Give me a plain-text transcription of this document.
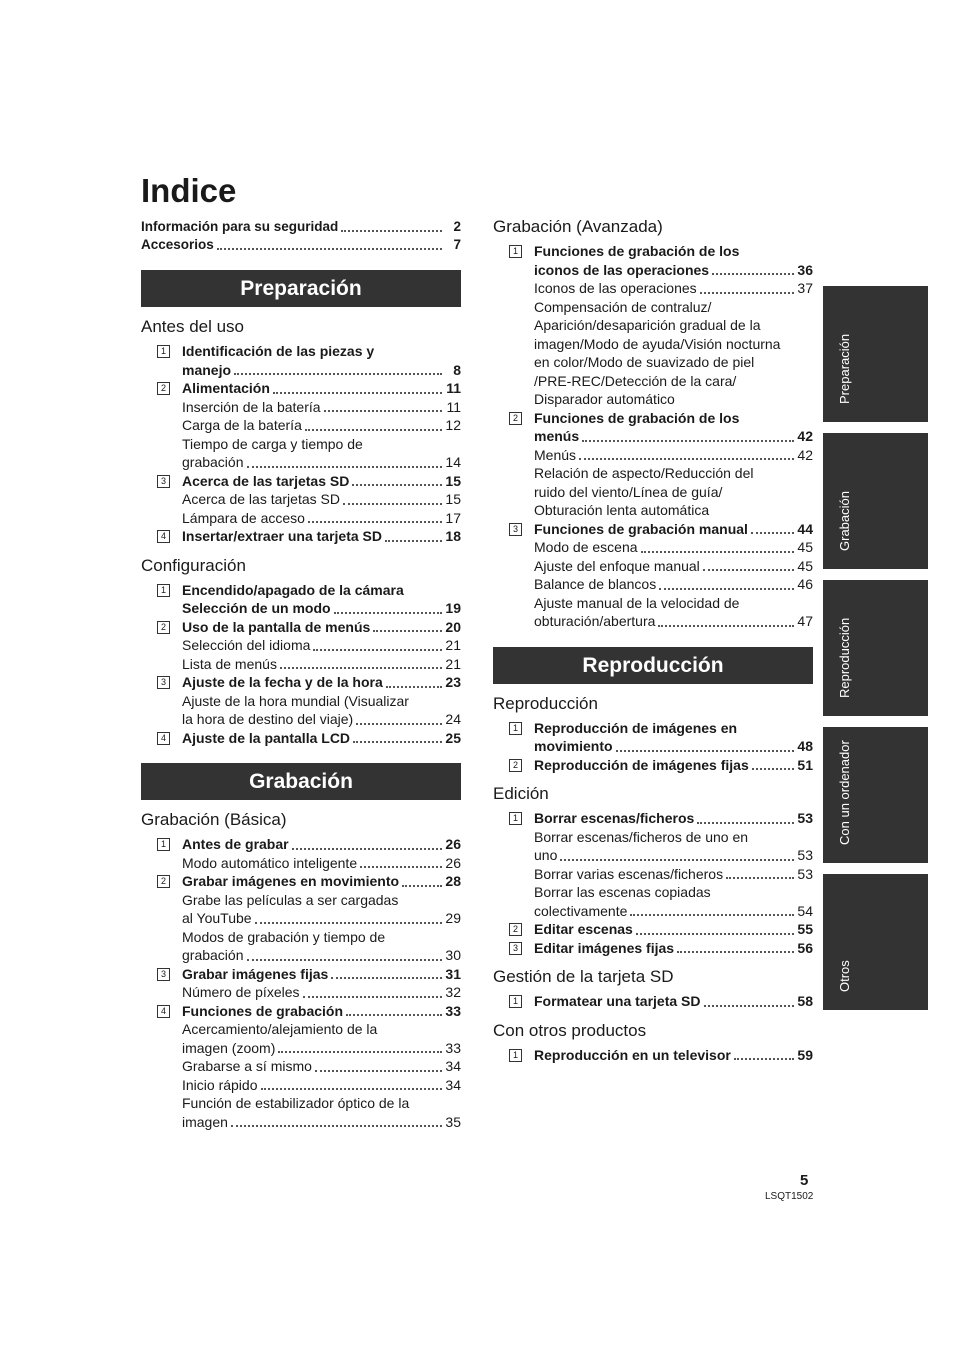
Indice
Información para su seguridad	2
Accesorios	7
Preparación
Antes del uso
1 Identificación de las piezas y
manejo	8
2 Alimentación	11
Inserción de la batería	11
Carga de la batería	12
Tiempo de carga y tiempo de
grabación	14
3 Acerca de las tarjetas SD	15
Acerca de las tarjetas SD	15
Lámpara de acceso	17
4 Insertar/extraer una tarjeta SD	18
Configuración
1 Encendido/apagado de la cámara
Selección de un modo	19
2 Uso de la pantalla de menús	20
Selección del idioma	21
Lista de menús	21
3 Ajuste de la fecha y de la hora	23
Ajuste de la hora mundial (Visualizar
la hora de destino del viaje)	24
4 Ajuste de la pantalla LCD	25
Grabación
Grabación (Básica)
1 Antes de grabar	26
Modo automático inteligente	26
2 Grabar imágenes en movimiento	28
Grabe las películas a ser cargadas
al YouTube	29
Modos de grabación y tiempo de
grabación	30
3 Grabar imágenes fijas	31
Número de píxeles	32
4 Funciones de grabación	33
Acercamiento/alejamiento de la
imagen (zoom)	33
Grabarse a sí mismo	34
Inicio rápido	34
Función de estabilizador óptico de la
imagen	35
Grabación (Avanzada)
1 Funciones de grabación de los
iconos de las operaciones	36
Iconos de las operaciones	37
Compensación de contraluz/
Aparición/desaparición gradual de la
imagen/Modo de ayuda/Visión nocturna
en color/Modo de suavizado de piel
/PRE-REC/Detección de la cara/
Disparador automático
2 Funciones de grabación de los
menús	42
Menús	42
Relación de aspecto/Reducción del
ruido del viento/Línea de guía/
Obturación lenta automática
3 Funciones de grabación manual	44
Modo de escena	45
Ajuste del enfoque manual	45
Balance de blancos	46
Ajuste manual de la velocidad de
obturación/abertura	47
Reproducción
Reproducción
1 Reproducción de imágenes en
movimiento	48
2 Reproducción de imágenes fijas	51
Edición
1 Borrar escenas/ficheros	53
Borrar escenas/ficheros de uno en
uno	53
Borrar varias escenas/ficheros	53
Borrar las escenas copiadas
colectivamente	54
2 Editar escenas	55
3 Editar imágenes fijas	56
Gestión de la tarjeta SD
1 Formatear una tarjeta SD	58
Con otros productos
1 Reproducción en un televisor	59
Preparación
Grabación
Reproducción
Con un ordenador
Otros
5
LSQT1502
